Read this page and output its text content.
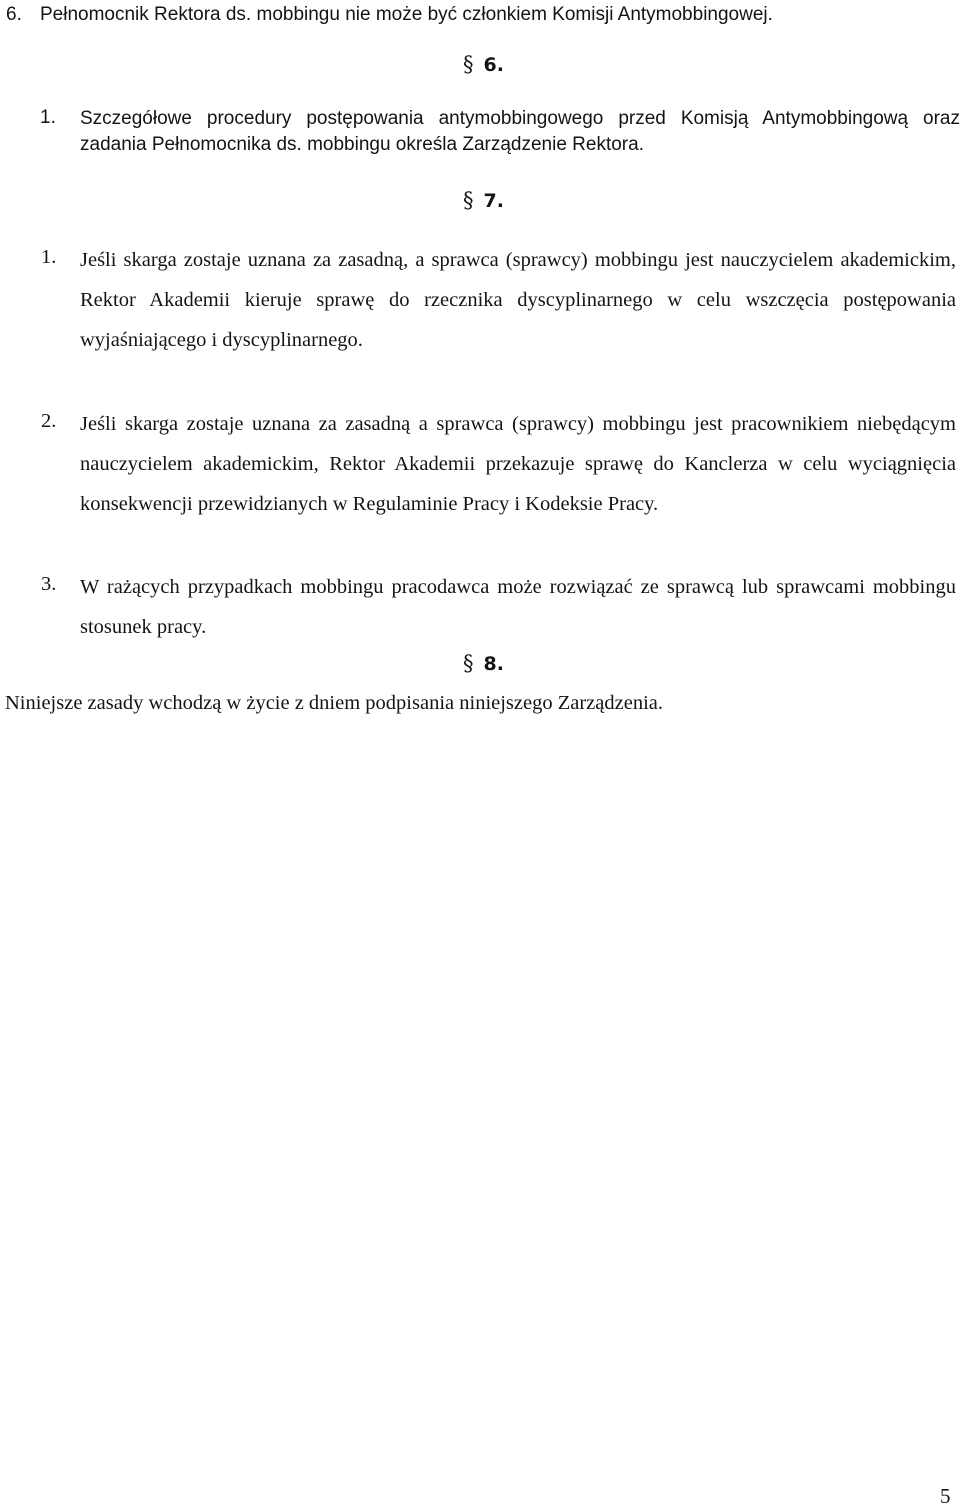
6. Pełnomocnik Rektora ds. mobbingu nie może być członkiem Komisji Antymobbingowej.
§ 6.
1. Szczegółowe procedury postępowania antymobbingowego przed Komisją Antymobbingową oraz zadania Pełnomocnika ds. mobbingu określa Zarządzenie Rektora.
§ 7.
1. Jeśli skarga zostaje uznana za zasadną, a sprawca (sprawcy) mobbingu jest nauczycielem akademickim, Rektor Akademii kieruje sprawę do rzecznika dyscyplinarnego w celu wszczęcia postępowania wyjaśniającego i dyscyplinarnego.
2. Jeśli skarga zostaje uznana za zasadną a sprawca (sprawcy) mobbingu jest pracownikiem niebędącym nauczycielem akademickim, Rektor Akademii przekazuje sprawę do Kanclerza w celu wyciągnięcia konsekwencji przewidzianych w Regulaminie Pracy i Kodeksie Pracy.
3. W rażących przypadkach mobbingu pracodawca może rozwiązać ze sprawcą lub sprawcami mobbingu stosunek pracy.
§ 8.
Niniejsze zasady wchodzą w życie z dniem podpisania niniejszego Zarządzenia.
5
